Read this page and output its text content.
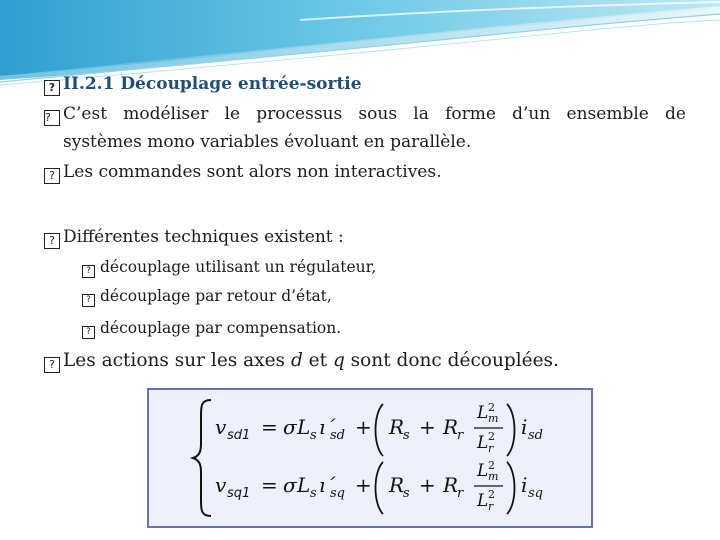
? II.2.1 Découplage entrée-sortie
? C’est modéliser le processus sous la forme d’un ensemble de
systèmes mono variables évoluant en parallèle.
? Les commandes sont alors non interactives.
? Différentes techniques existent :
? découplage utilisant un régulateur,
? découplage par retour d’état,
? découplage par compensation.
? Les actions sur les axes d et q sont donc découplées.
v sd1 = σ L s ı´
sd + R
s + R
r
L 2
m
L 2
r
i sd
v sq1 = σ L s ı´
sq + R
s + R
r
L 2
m
L 2
r
i sq
